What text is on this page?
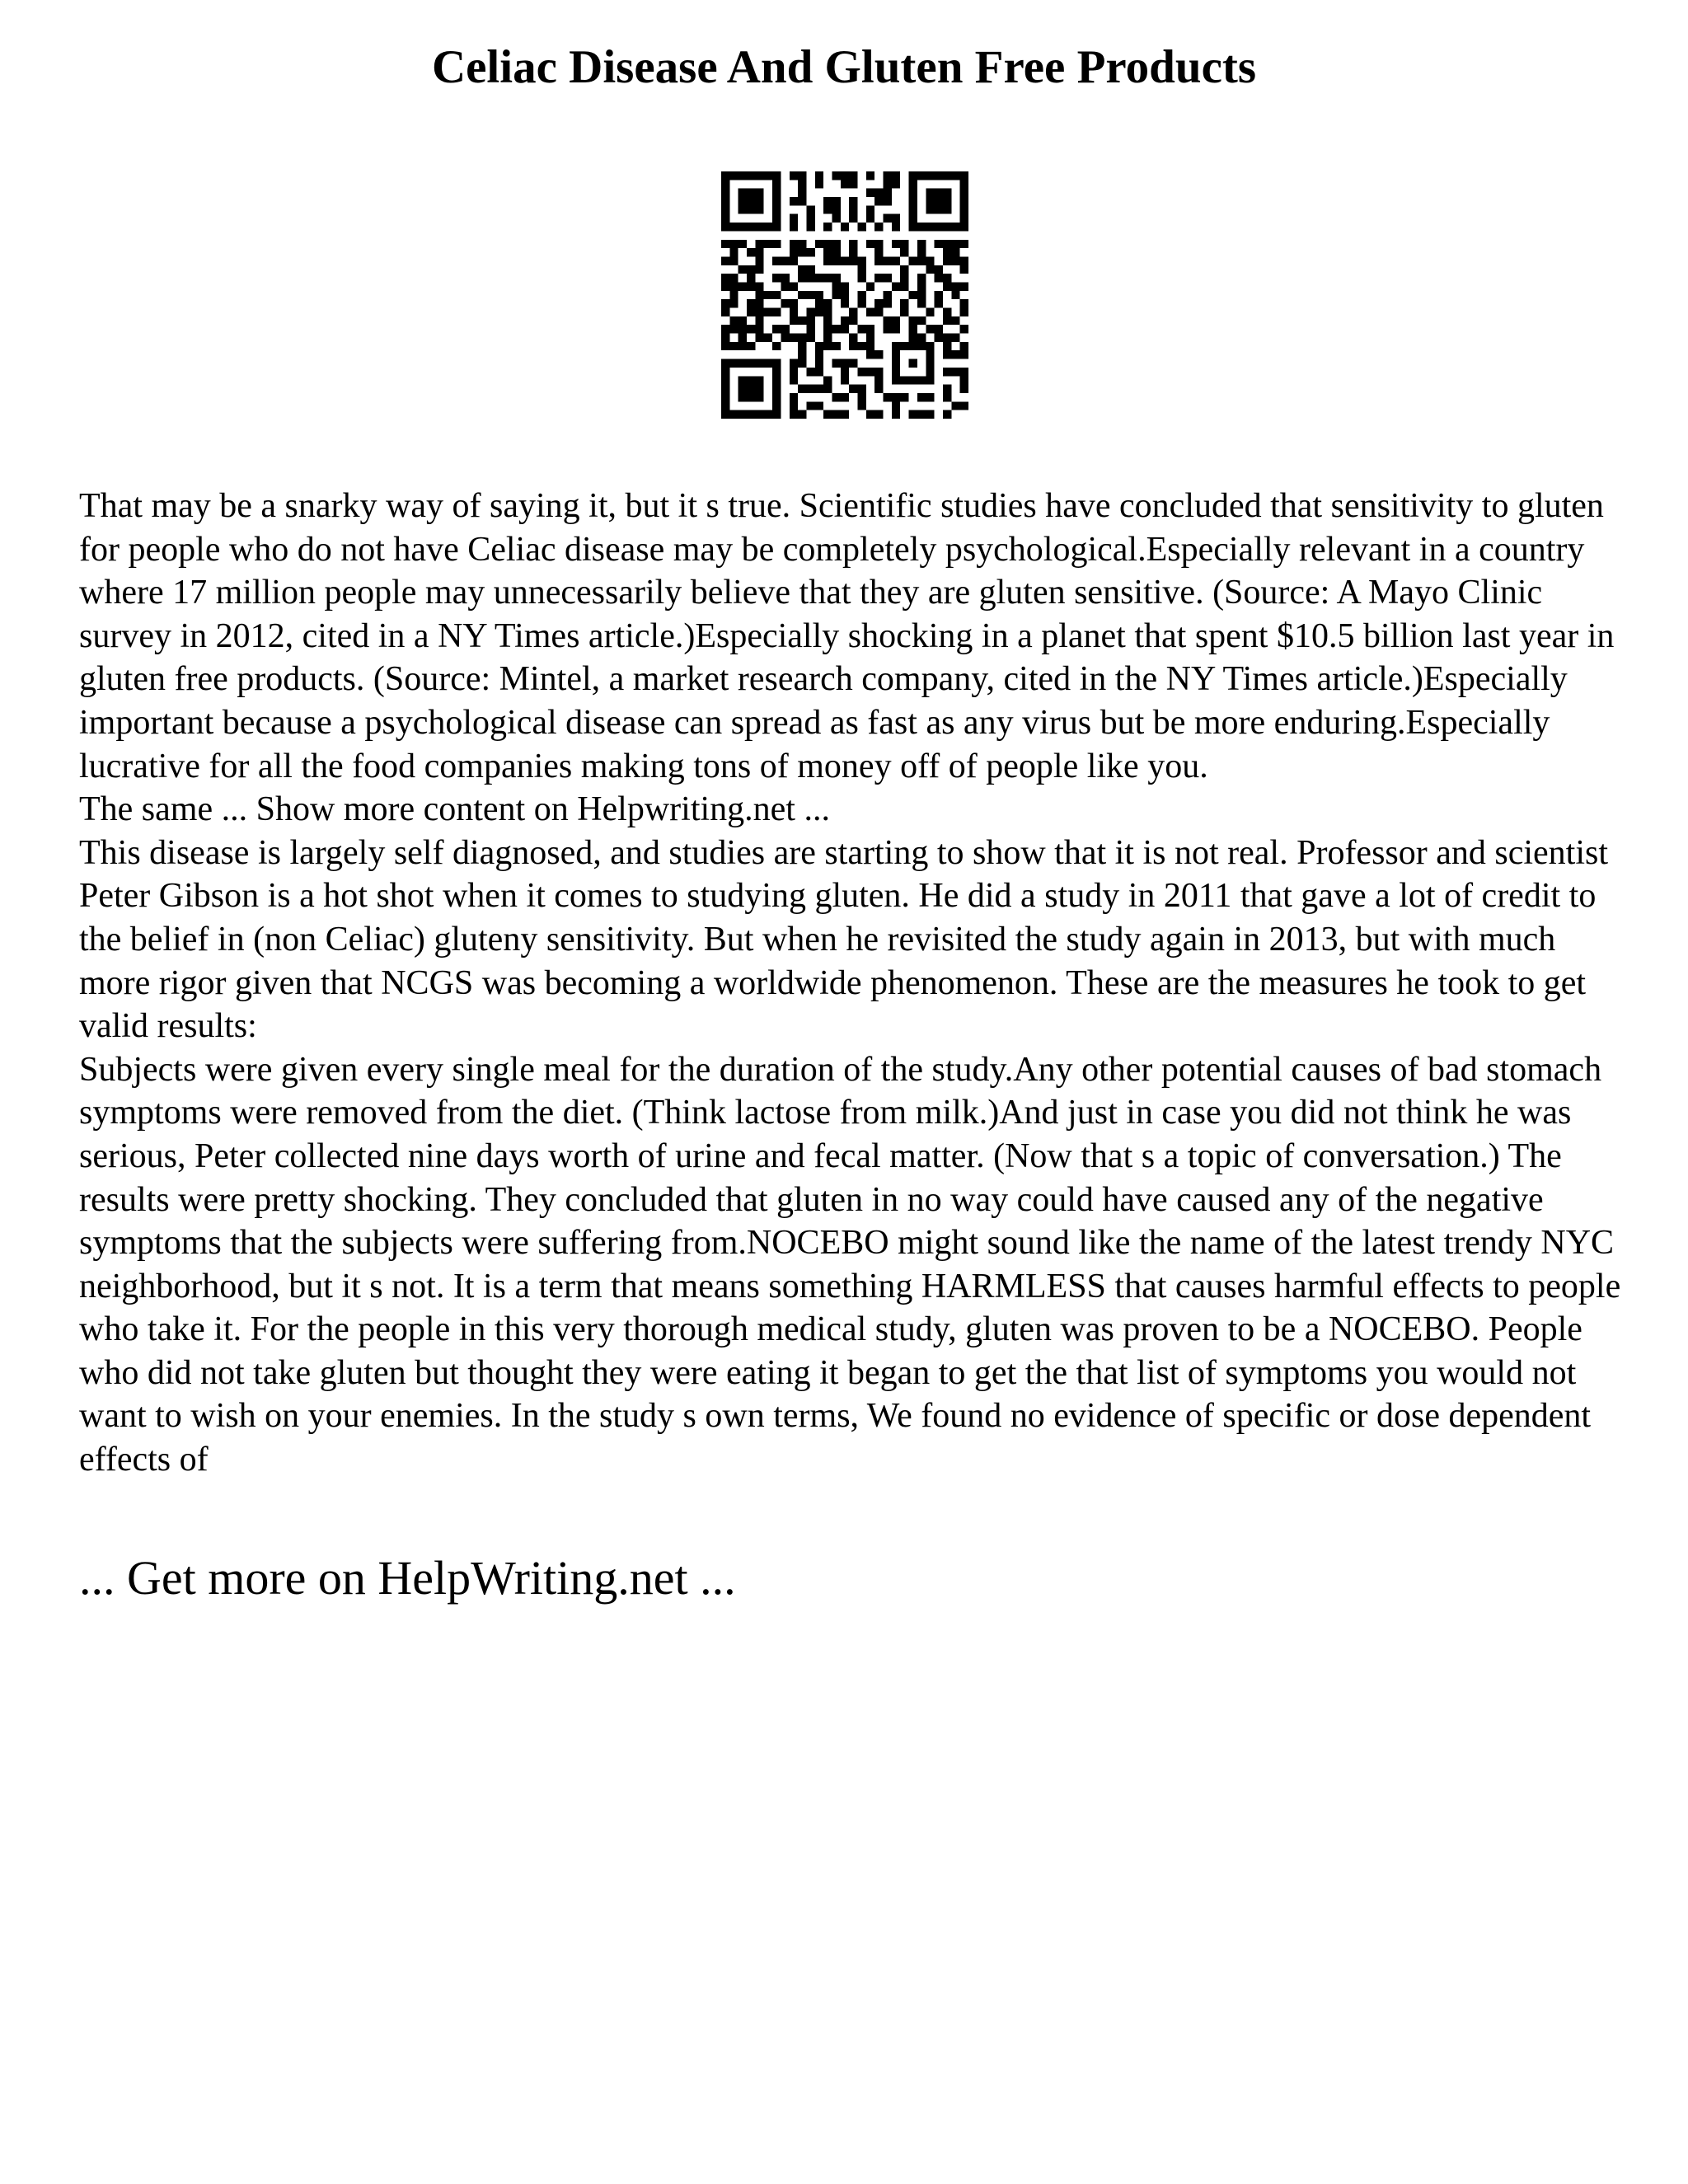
Celiac Disease And Gluten Free Products

That may be a snarky way of saying it, but it s true. Scientific studies have concluded that sensitivity to gluten for people who do not have Celiac disease may be completely psychological.Especially relevant in a country where 17 million people may unnecessarily believe that they are gluten sensitive. (Source: A Mayo Clinic survey in 2012, cited in a NY Times article.)Especially shocking in a planet that spent $10.5 billion last year in gluten free products. (Source: Mintel, a market research company, cited in the NY Times article.)Especially important because a psychological disease can spread as fast as any virus but be more enduring.Especially lucrative for all the food companies making tons of money off of people like you.

The same ... Show more content on Helpwriting.net ...

This disease is largely self diagnosed, and studies are starting to show that it is not real. Professor and scientist Peter Gibson is a hot shot when it comes to studying gluten. He did a study in 2011 that gave a lot of credit to the belief in (non Celiac) gluteny sensitivity. But when he revisited the study again in 2013, but with much more rigor given that NCGS was becoming a worldwide phenomenon. These are the measures he took to get valid results:

Subjects were given every single meal for the duration of the study.Any other potential causes of bad stomach symptoms were removed from the diet. (Think lactose from milk.)And just in case you did not think he was serious, Peter collected nine days worth of urine and fecal matter. (Now that s a topic of conversation.) The results were pretty shocking. They concluded that gluten in no way could have caused any of the negative symptoms that the subjects were suffering from.NOCEBO might sound like the name of the latest trendy NYC neighborhood, but it s not. It is a term that means something HARMLESS that causes harmful effects to people who take it. For the people in this very thorough medical study, gluten was proven to be a NOCEBO. People who did not take gluten but thought they were eating it began to get the that list of symptoms you would not want to wish on your enemies. In the study s own terms, We found no evidence of specific or dose dependent effects of

... Get more on HelpWriting.net ...
